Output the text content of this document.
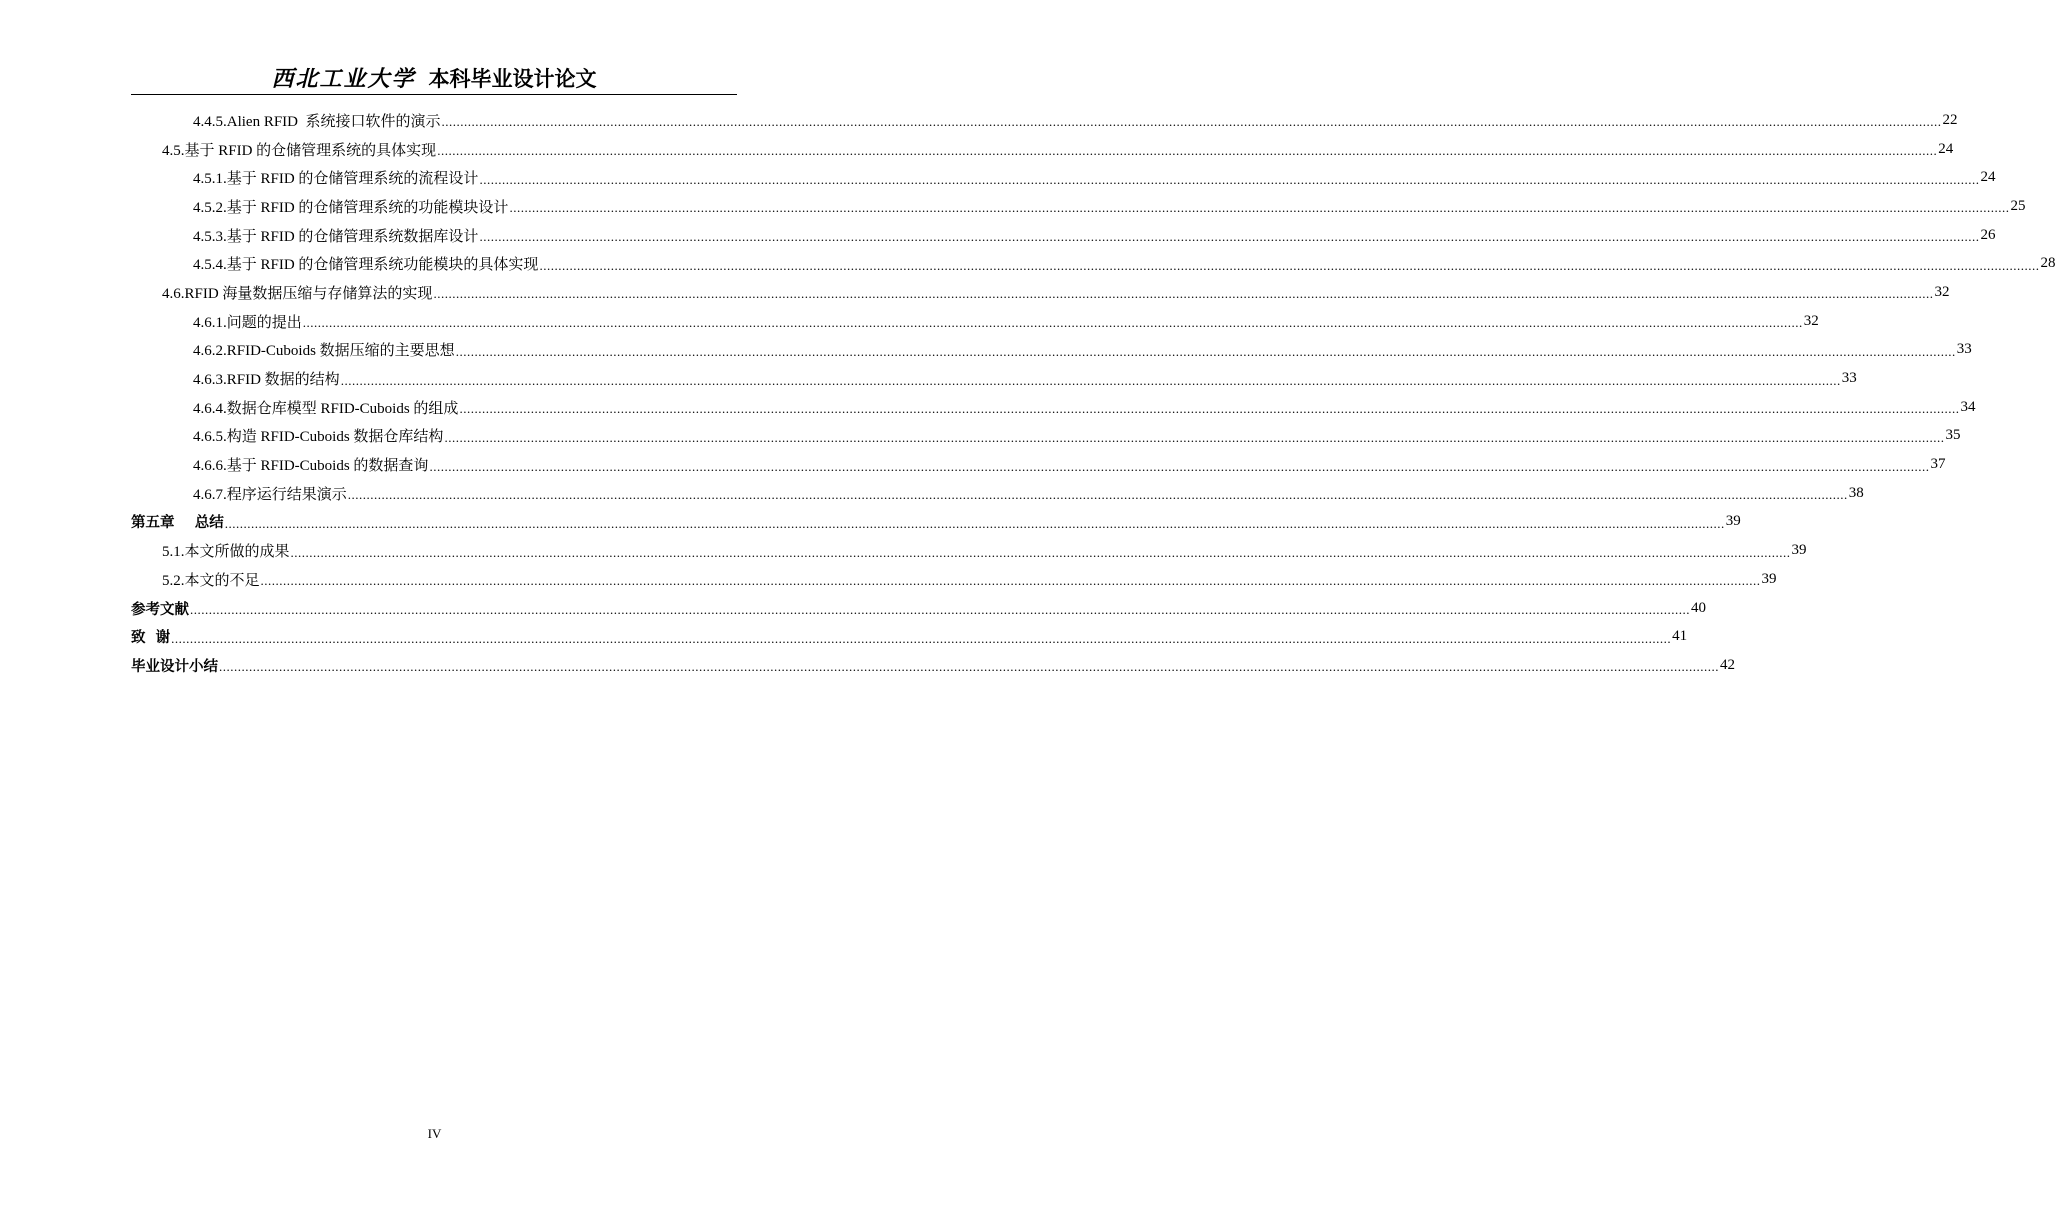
西北工业大学 本科毕业设计论文
4.4.5.Alien RFID  系统接口软件的演示 ................................................................................................................................................................................................................................................................................................................................................................................................................ 22
4.5.基于 RFID 的仓储管理系统的具体实现 ................................................................................................................................................................................................................................................................................................................................................................................................................ 24
4.5.1.基于 RFID 的仓储管理系统的流程设计 ................................................................................................................................................................................................................................................................................................................................................................................................................ 24
4.5.2.基于 RFID 的仓储管理系统的功能模块设计 ................................................................................................................................................................................................................................................................................................................................................................................................................ 25
4.5.3.基于 RFID 的仓储管理系统数据库设计 ................................................................................................................................................................................................................................................................................................................................................................................................................ 26
4.5.4.基于 RFID 的仓储管理系统功能模块的具体实现 ................................................................................................................................................................................................................................................................................................................................................................................................................ 28
4.6.RFID 海量数据压缩与存储算法的实现 ................................................................................................................................................................................................................................................................................................................................................................................................................ 32
4.6.1.问题的提出 ................................................................................................................................................................................................................................................................................................................................................................................................................ 32
4.6.2.RFID-Cuboids 数据压缩的主要思想 ................................................................................................................................................................................................................................................................................................................................................................................................................ 33
4.6.3.RFID 数据的结构 ................................................................................................................................................................................................................................................................................................................................................................................................................ 33
4.6.4.数据仓库模型 RFID-Cuboids 的组成 ................................................................................................................................................................................................................................................................................................................................................................................................................ 34
4.6.5.构造 RFID-Cuboids 数据仓库结构 ................................................................................................................................................................................................................................................................................................................................................................................................................ 35
4.6.6.基于 RFID-Cuboids 的数据查询 ................................................................................................................................................................................................................................................................................................................................................................................................................ 37
4.6.7.程序运行结果演示 ................................................................................................................................................................................................................................................................................................................................................................................................................ 38
第五章    总结 ................................................................................................................................................................................................................................................................................................................................................................................................................ 39
5.1.本文所做的成果 ................................................................................................................................................................................................................................................................................................................................................................................................................ 39
5.2.本文的不足 ................................................................................................................................................................................................................................................................................................................................................................................................................ 39
参考文献 ................................................................................................................................................................................................................................................................................................................................................................................................................ 40
致  谢 ................................................................................................................................................................................................................................................................................................................................................................................................................ 41
毕业设计小结 ................................................................................................................................................................................................................................................................................................................................................................................................................ 42
IV
